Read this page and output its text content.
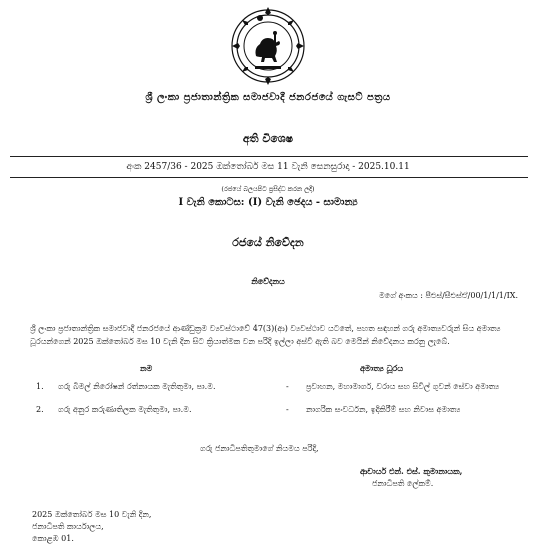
ශ්‍රී ලංකා ප්‍රජාතාන්ත්‍රික සමාජවාදී ජනරජයේ ගැසට් පත්‍රය
අති විශෙෂ
අංක 2457/36 - 2025 ඔක්තෝබර් මස 11 වැනි සෙනසුරාදා - 2025.10.11
(රජයේ බලයපිට ප්‍රසිද්ධ කරන ලදී)
I වැනි කොටස: (I) වැනි ඡෙදය - සාමාන්‍ය
රජයේ නිවේදන
නිවේදනය
මගේ අංකය : පීඑස්/සීඑස්ඒ/00/1/1/1/IX.
ශ්‍රී ලංකා ප්‍රජාතාන්ත්‍රික සමාජවාදී ජනරජයේ ආණ්ඩුක්‍රම ව්‍යවස්ථාවේ 47(3)(ආ) ව්‍යවස්ථාව යටතේ, පහත සඳහන් ගරු අමාත්‍යවරුන් සිය අමාත්‍ය ධූරයන්ගෙන් 2025 ඔක්තෝබර් මස 10 වැනි දින සිට ක්‍රියාත්මක වන පරිදි ඉල්ලා අස්වී ඇති බව මෙයින් නිවේදනය කරනු ලැබේ.
නම	අමාත්‍ය ධූරය
1. ගරු බිමල් නිරෝෂන් රත්නායක මැතිතුමා, පා.ම.	- ප්‍රවාහන, මහාමාර්ග, වරාය සහ සිවිල් ගුවන් සේවා අමාත්‍ය
2. ගරු අනුර කරුණාතිලක මැතිතුමා, පා.ම.	- නාගරික සංවර්ධන, ඉදිකිරීම් සහ නිවාස අමාත්‍ය
ගරු ජනාධිපතිතුමාගේ නියමය පරිදි,
ආචාර්ය එන්. එස්. කුමානායක,
ජනාධිපති ලේකම්.
2025 ඔක්තෝබර් මස 10 වැනි දින,
ජනාධිපති කාර්යාලය,
කොළඹ 01.
